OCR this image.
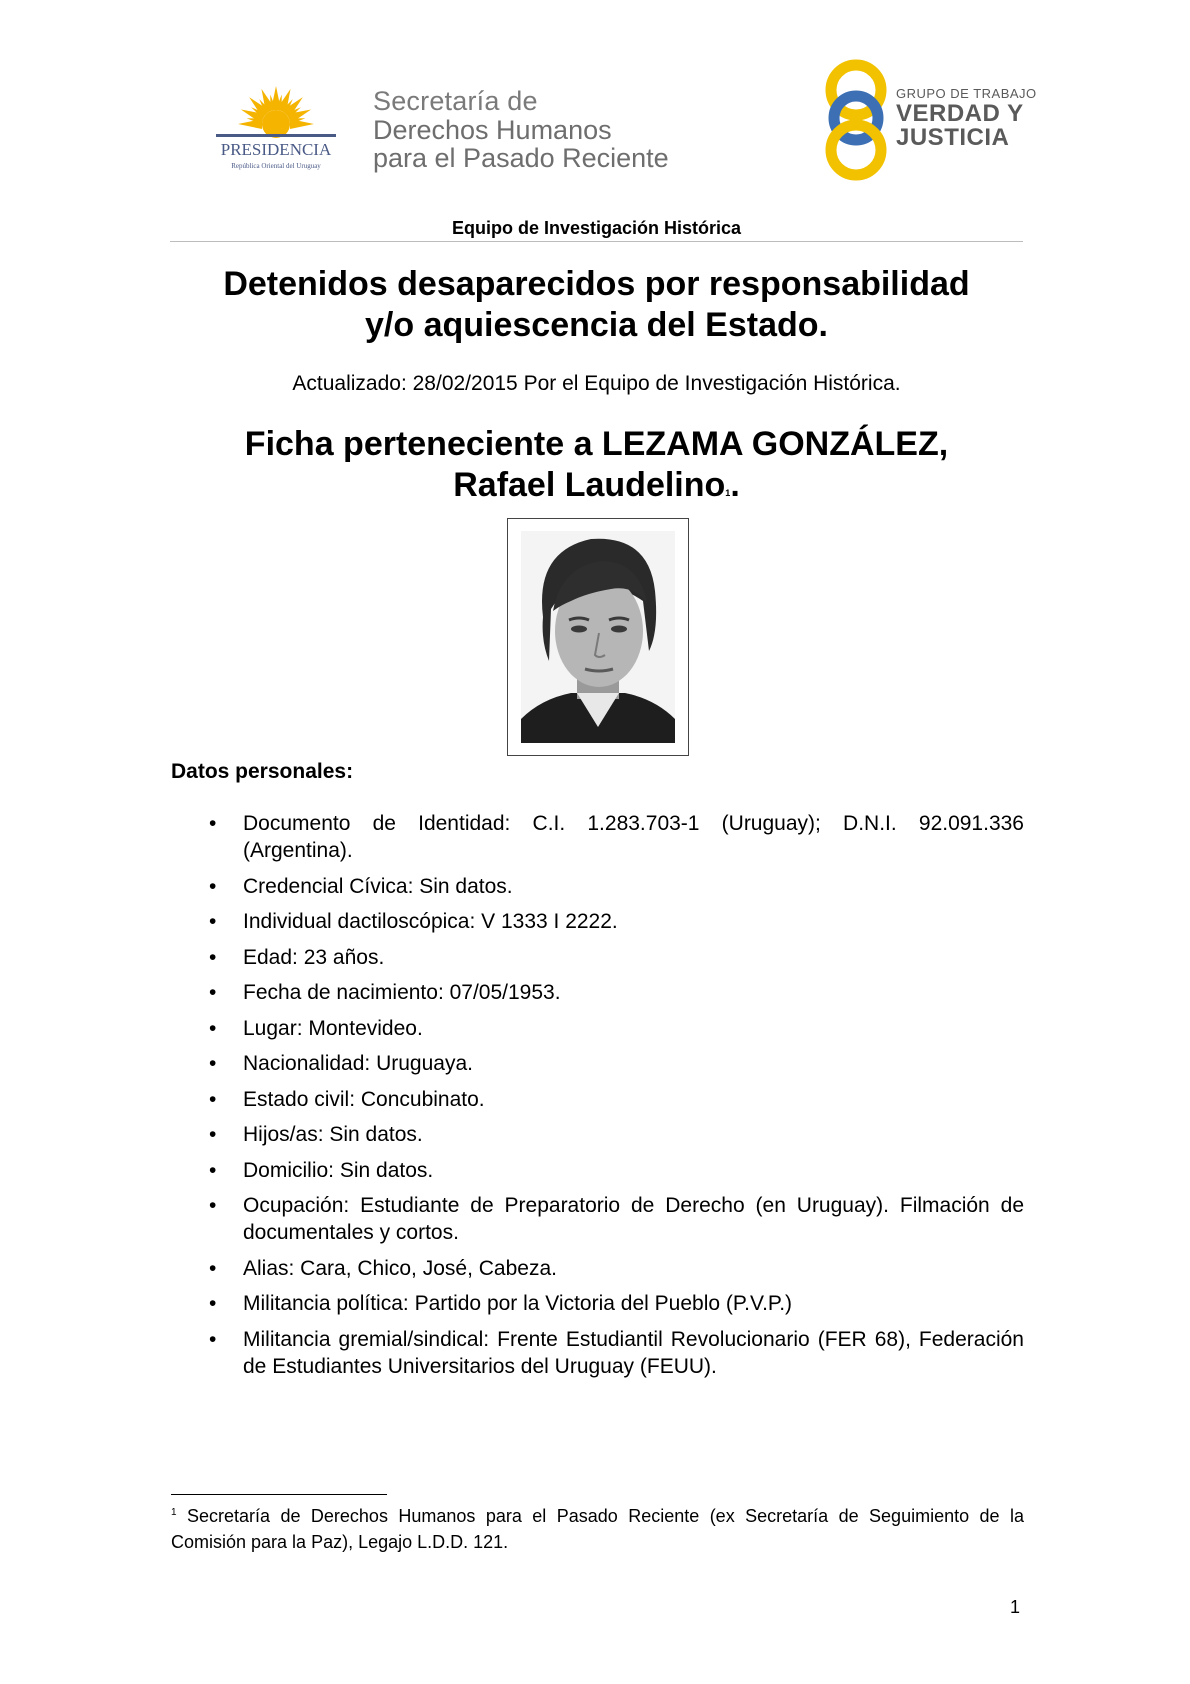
PRESIDENCIA
República Oriental del Uruguay
Secretaría de
Derechos Humanos
para el Pasado Reciente
GRUPO DE TRABAJO
VERDAD Y
JUSTICIA
Equipo de Investigación Histórica
Detenidos desaparecidos por responsabilidad
y/o aquiescencia del Estado.
Actualizado: 28/02/2015 Por el Equipo de Investigación Histórica.
Ficha perteneciente a LEZAMA GONZÁLEZ,
Rafael Laudelino$^1$.
Datos personales:
• Documento de Identidad: C.I. 1.283.703-1 (Uruguay); D.N.I. 92.091.336 (Argentina).
• Credencial Cívica: Sin datos.
• Individual dactiloscópica: V 1333 I 2222.
• Edad: 23 años.
• Fecha de nacimiento: 07/05/1953.
• Lugar: Montevideo.
• Nacionalidad: Uruguaya.
• Estado civil: Concubinato.
• Hijos/as: Sin datos.
• Domicilio: Sin datos.
• Ocupación: Estudiante de Preparatorio de Derecho (en Uruguay). Filmación de documentales y cortos.
• Alias: Cara, Chico, José, Cabeza.
• Militancia política: Partido por la Victoria del Pueblo (P.V.P.)
• Militancia gremial/sindical: Frente Estudiantil Revolucionario (FER 68), Federación de Estudiantes Universitarios del Uruguay (FEUU).
$^1$ Secretaría de Derechos Humanos para el Pasado Reciente (ex Secretaría de Seguimiento de la Comisión para la Paz), Legajo L.D.D. 121.
1
